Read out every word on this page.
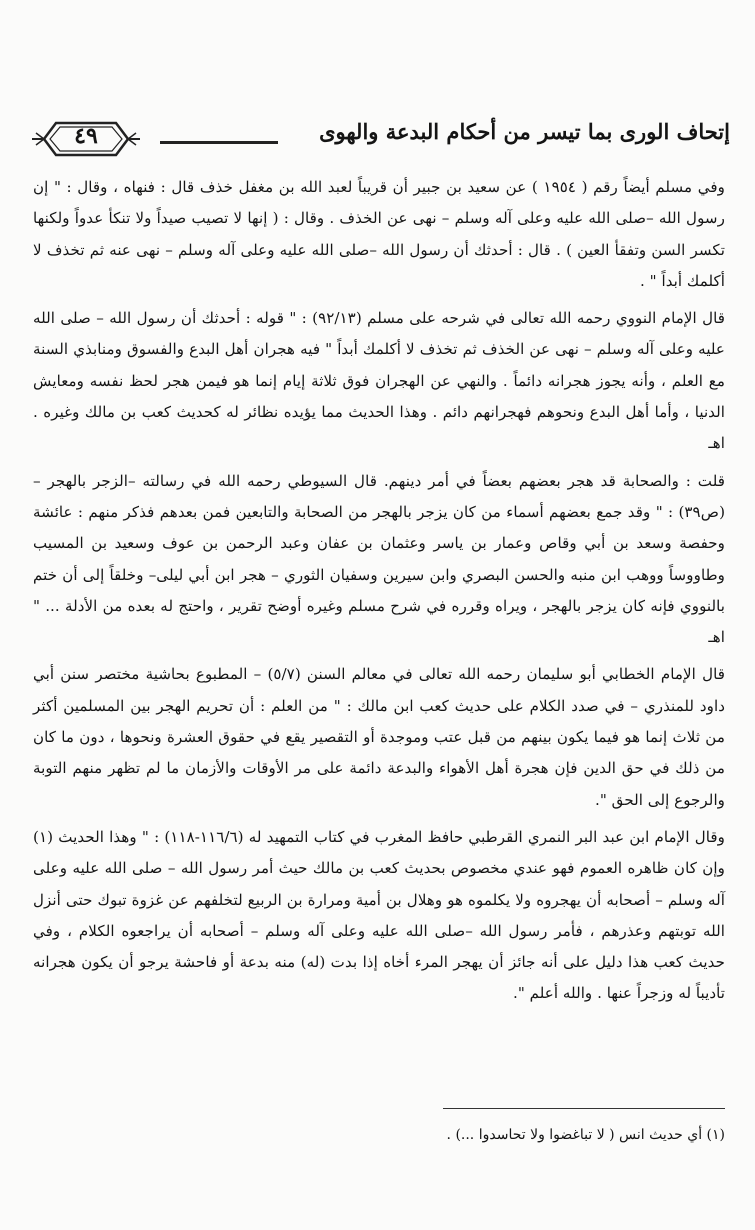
إتحاف الورى بما تيسر من أحكام البدعة والهوى
٤٩

وفي مسلم أيضاً رقم ( ١٩٥٤ ) عن سعيد بن جبير أن قريباً لعبد الله بن مغفل خذف قال : فنهاه ، وقال : " إن رسول الله –صلى الله عليه وعلى آله وسلم – نهى عن الخذف . وقال : ( إنها لا تصيب صيداً ولا تنكأ عدواً ولكنها تكسر السن وتفقأ العين ) . قال : أحدثك أن رسول الله –صلى الله عليه وعلى آله وسلم – نهى عنه ثم تخذف لا أكلمك أبداً " .

قال الإمام النووي رحمه الله تعالى في شرحه على مسلم (٩٢/١٣) : " قوله : أحدثك أن رسول الله – صلى الله عليه وعلى آله وسلم – نهى عن الخذف ثم تخذف لا أكلمك أبداً " فيه هجران أهل البدع والفسوق ومنابذي السنة مع العلم ، وأنه يجوز هجرانه دائماً . والنهي عن الهجران فوق ثلاثة إيام إنما هو فيمن هجر لحظ نفسه ومعايش الدنيا ، وأما أهل البدع ونحوهم فهجرانهم دائم . وهذا الحديث مما يؤيده نظائر له كحديث كعب بن مالك وغيره . اهـ

قلت : والصحابة قد هجر بعضهم بعضاً في أمر دينهم. قال السيوطي رحمه الله في رسالته –الزجر بالهجر – (ص٣٩) : " وقد جمع بعضهم أسماء من كان يزجر بالهجر من الصحابة والتابعين فمن بعدهم فذكر منهم : عائشة وحفصة وسعد بن أبي وقاص وعمار بن ياسر وعثمان بن عفان وعبد الرحمن بن عوف وسعيد بن المسيب وطاووساً ووهب ابن منبه والحسن البصري وابن سيرين وسفيان الثوري – هجر ابن أبي ليلى– وخلقاً إلى أن ختم بالنووي فإنه كان يزجر بالهجر ، ويراه وقرره في شرح مسلم وغيره أوضح تقرير ، واحتج له بعده من الأدلة ... " اهـ

قال الإمام الخطابي أبو سليمان رحمه الله تعالى في معالم السنن (٥/٧) – المطبوع بحاشية مختصر سنن أبي داود للمنذري – في صدد الكلام على حديث كعب ابن مالك : " من العلم : أن تحريم الهجر بين المسلمين أكثر من ثلاث إنما هو فيما يكون بينهم من قبل عتب وموجدة أو التقصير يقع في حقوق العشرة ونحوها ، دون ما كان من ذلك في حق الدين فإن هجرة أهل الأهواء والبدعة دائمة على مر الأوقات والأزمان ما لم تظهر منهم التوبة والرجوع إلى الحق ".

وقال الإمام ابن عبد البر النمري القرطبي حافظ المغرب في كتاب التمهيد له (١١٦/٦-١١٨) : " وهذا الحديث (١) وإن كان ظاهره العموم فهو عندي مخصوص بحديث كعب بن مالك حيث أمر رسول الله – صلى الله عليه وعلى آله وسلم – أصحابه أن يهجروه ولا يكلموه هو وهلال بن أمية ومرارة بن الربيع لتخلفهم عن غزوة تبوك حتى أنزل الله توبتهم وعذرهم ، فأمر رسول الله –صلى الله عليه وعلى آله وسلم – أصحابه أن يراجعوه الكلام ، وفي حديث كعب هذا دليل على أنه جائز أن يهجر المرء أخاه إذا بدت (له) منه بدعة أو فاحشة يرجو أن يكون هجرانه تأديباً له وزجراً عنها . والله أعلم ".

(١) أي حديث انس ( لا تباغضوا ولا تحاسدوا ...) .
